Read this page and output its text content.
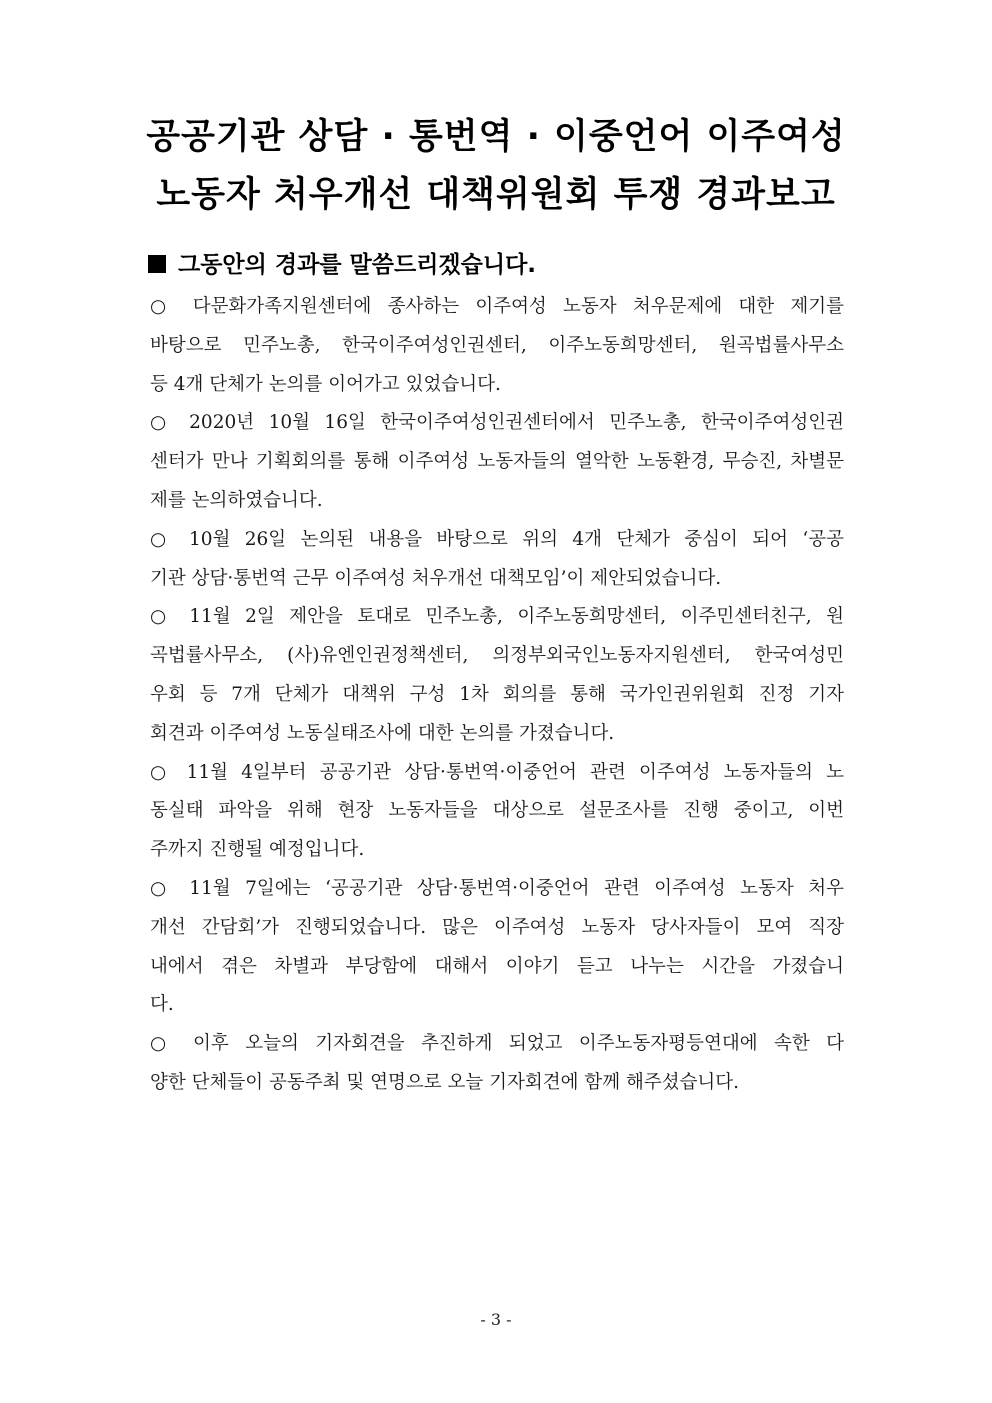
공공기관 상담 · 통번역 · 이중언어 이주여성
노동자 처우개선 대책위원회 투쟁 경과보고
그동안의 경과를 말씀드리겠습니다.
○ 다문화가족지원센터에 종사하는 이주여성 노동자 처우문제에 대한 제기를
바탕으로 민주노총, 한국이주여성인권센터, 이주노동희망센터, 원곡법률사무소
등 4개 단체가 논의를 이어가고 있었습니다.
○ 2020년 10월 16일 한국이주여성인권센터에서 민주노총, 한국이주여성인권
센터가 만나 기획회의를 통해 이주여성 노동자들의 열악한 노동환경, 무승진, 차별문
제를 논의하였습니다.
○ 10월 26일 논의된 내용을 바탕으로 위의 4개 단체가 중심이 되어 ‘공공
기관 상담·통번역 근무 이주여성 처우개선 대책모임’이 제안되었습니다.
○ 11월 2일 제안을 토대로 민주노총, 이주노동희망센터, 이주민센터친구, 원
곡법률사무소, (사)유엔인권정책센터, 의정부외국인노동자지원센터, 한국여성민
우회 등 7개 단체가 대책위 구성 1차 회의를 통해 국가인권위원회 진정 기자
회견과 이주여성 노동실태조사에 대한 논의를 가졌습니다.
○ 11월 4일부터 공공기관 상담·통번역·이중언어 관련 이주여성 노동자들의 노
동실태 파악을 위해 현장 노동자들을 대상으로 설문조사를 진행 중이고, 이번
주까지 진행될 예정입니다.
○ 11월 7일에는 ‘공공기관 상담·통번역·이중언어 관련 이주여성 노동자 처우
개선 간담회’가 진행되었습니다. 많은 이주여성 노동자 당사자들이 모여 직장
내에서 겪은 차별과 부당함에 대해서 이야기 듣고 나누는 시간을 가졌습니
다.
○ 이후 오늘의 기자회견을 추진하게 되었고 이주노동자평등연대에 속한 다
양한 단체들이 공동주최 및 연명으로 오늘 기자회견에 함께 해주셨습니다.
- 3 -
